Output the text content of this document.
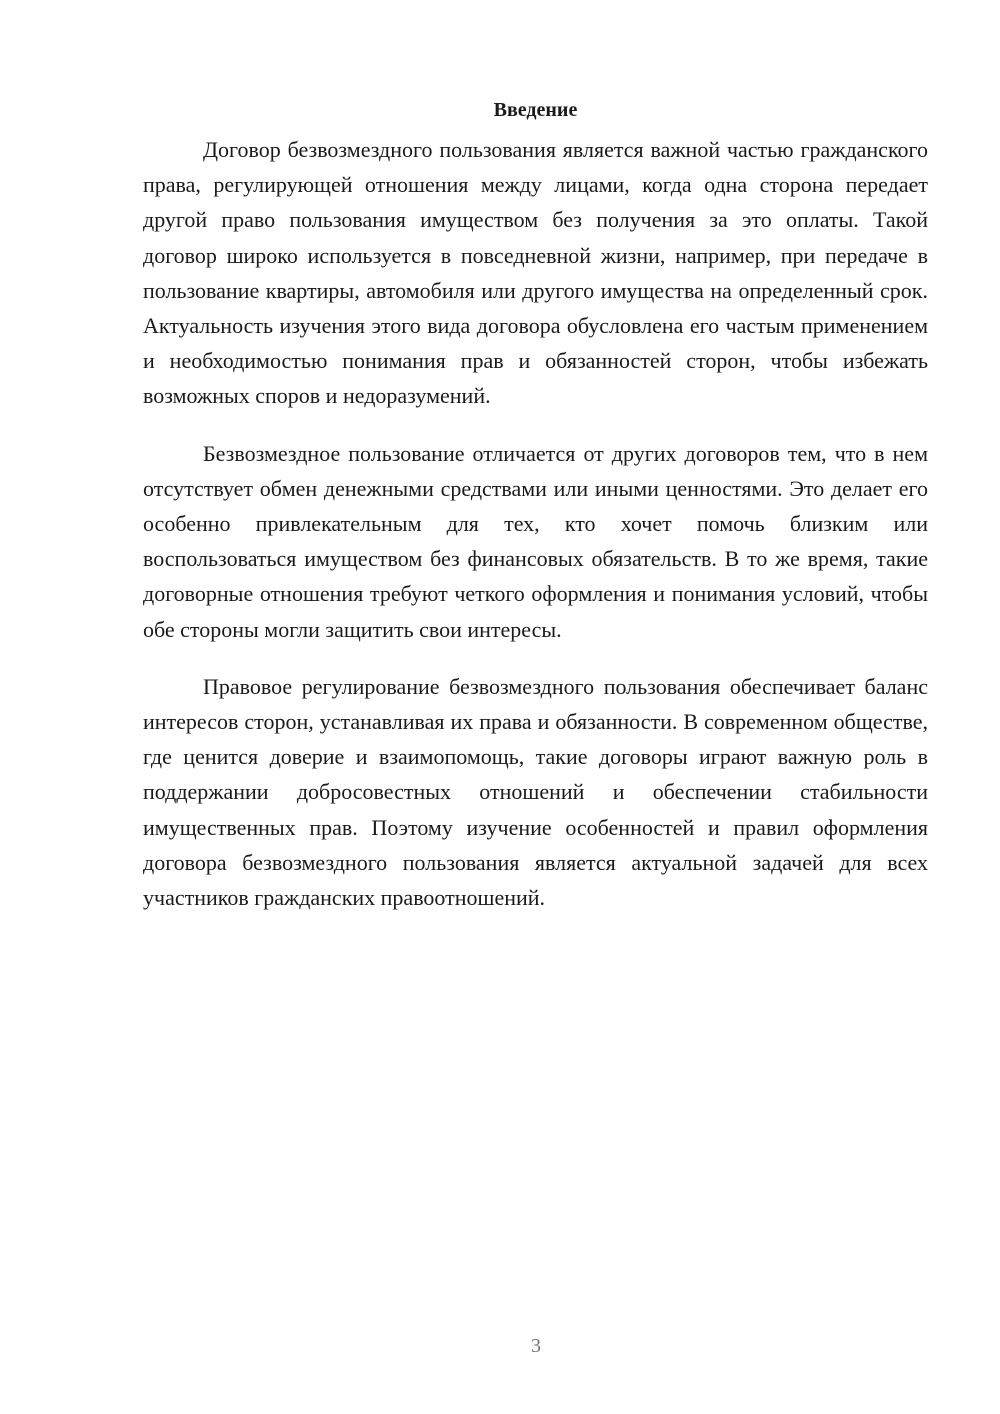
Введение

Договор безвозмездного пользования является важной частью гражданского права, регулирующей отношения между лицами, когда одна сторона передает другой право пользования имуществом без получения за это оплаты. Такой договор широко используется в повседневной жизни, например, при передаче в пользование квартиры, автомобиля или другого имущества на определенный срок. Актуальность изучения этого вида договора обусловлена его частым применением и необходимостью понимания прав и обязанностей сторон, чтобы избежать возможных споров и недоразумений.

Безвозмездное пользование отличается от других договоров тем, что в нем отсутствует обмен денежными средствами или иными ценностями. Это делает его особенно привлекательным для тех, кто хочет помочь близким или воспользоваться имуществом без финансовых обязательств. В то же время, такие договорные отношения требуют четкого оформления и понимания условий, чтобы обе стороны могли защитить свои интересы.

Правовое регулирование безвозмездного пользования обеспечивает баланс интересов сторон, устанавливая их права и обязанности. В современном обществе, где ценится доверие и взаимопомощь, такие договоры играют важную роль в поддержании добросовестных отношений и обеспечении стабильности имущественных прав. Поэтому изучение особенностей и правил оформления договора безвозмездного пользования является актуальной задачей для всех участников гражданских правоотношений.

3
